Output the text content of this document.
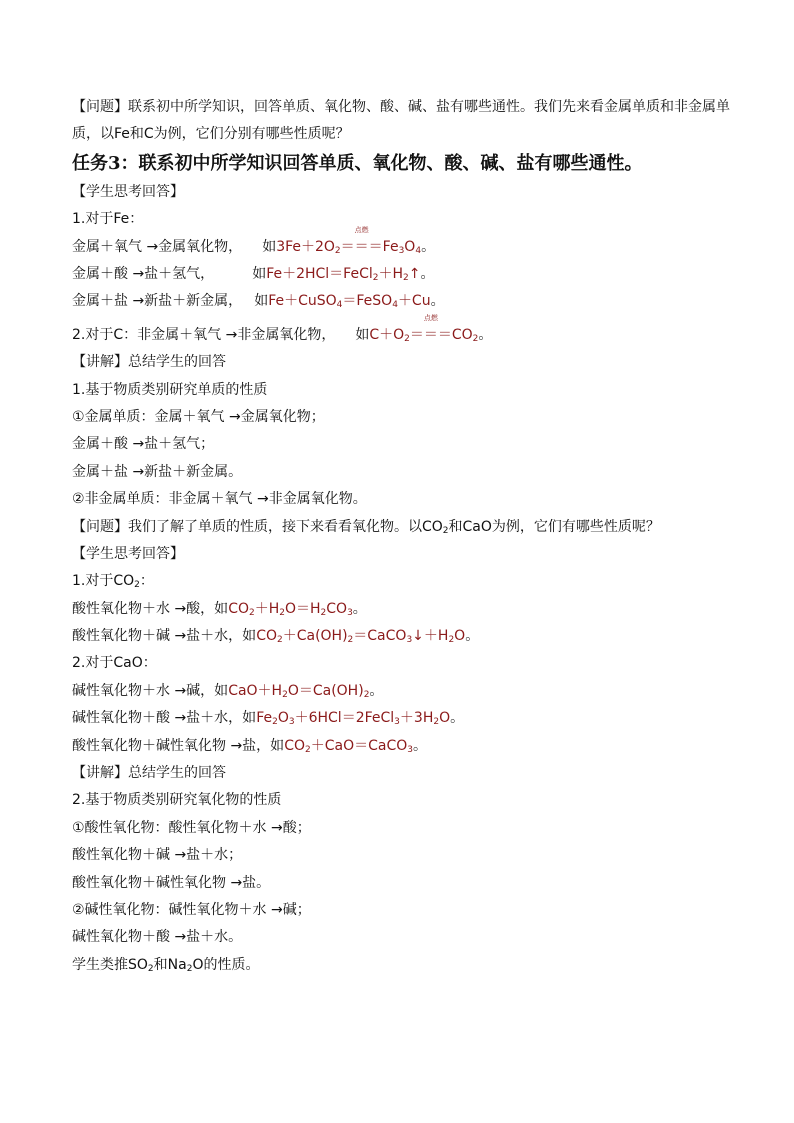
【问题】联系初中所学知识，回答单质、氧化物、酸、碱、盐有哪些通性。我们先来看金属单质和非金属单质，以Fe和C为例，它们分别有哪些性质呢？
任务3：联系初中所学知识回答单质、氧化物、酸、碱、盐有哪些通性。
【学生思考回答】
1.对于Fe：
金属＋氧气 →金属氧化物， 如$3Fe+2O_2$
点燃
$===Fe_3O_4$。
金属＋酸 →盐＋氢气，	如$Fe+2HCl=FeCl_2+H_2↑$。
金属＋盐 →新盐＋新金属， 如Fe＋CuSO$_4$＝FeSO$_4$＋Cu。
2.对于C：非金属＋氧气 →非金属氧化物， 如$C+O_2$
点燃
$===CO_2$。
【讲解】总结学生的回答
1.基于物质类别研究单质的性质
①金属单质：金属＋氧气 →金属氧化物；
金属＋酸 →盐＋氢气；
金属＋盐 →新盐＋新金属。
②非金属单质：非金属＋氧气 →非金属氧化物。
【问题】我们了解了单质的性质，接下来看看氧化物。以$CO_2$和CaO为例，它们有哪些性质呢？
【学生思考回答】
1.对于$CO_2$：
酸性氧化物＋水 →酸，如$CO_2+H_2O=H_2CO_3$。
酸性氧化物＋碱 →盐＋水，如$CO_2+Ca(OH)_2=CaCO_3↓+H_2O$。
2.对于CaO：
碱性氧化物＋水 →碱，如$CaO+H_2O=Ca(OH)_2$。
碱性氧化物＋酸 →盐＋水，如$Fe_2O_3+6HCl=2FeCl_3+3H_2O$。
酸性氧化物＋碱性氧化物 →盐，如$CO_2+CaO=CaCO_3$。
【讲解】总结学生的回答
2.基于物质类别研究氧化物的性质
①酸性氧化物：酸性氧化物＋水 →酸；
酸性氧化物＋碱 →盐＋水；
酸性氧化物＋碱性氧化物 →盐。
②碱性氧化物：碱性氧化物＋水 →碱；
碱性氧化物＋酸 →盐＋水。
学生类推$SO_2$和$Na_2O$的性质。
